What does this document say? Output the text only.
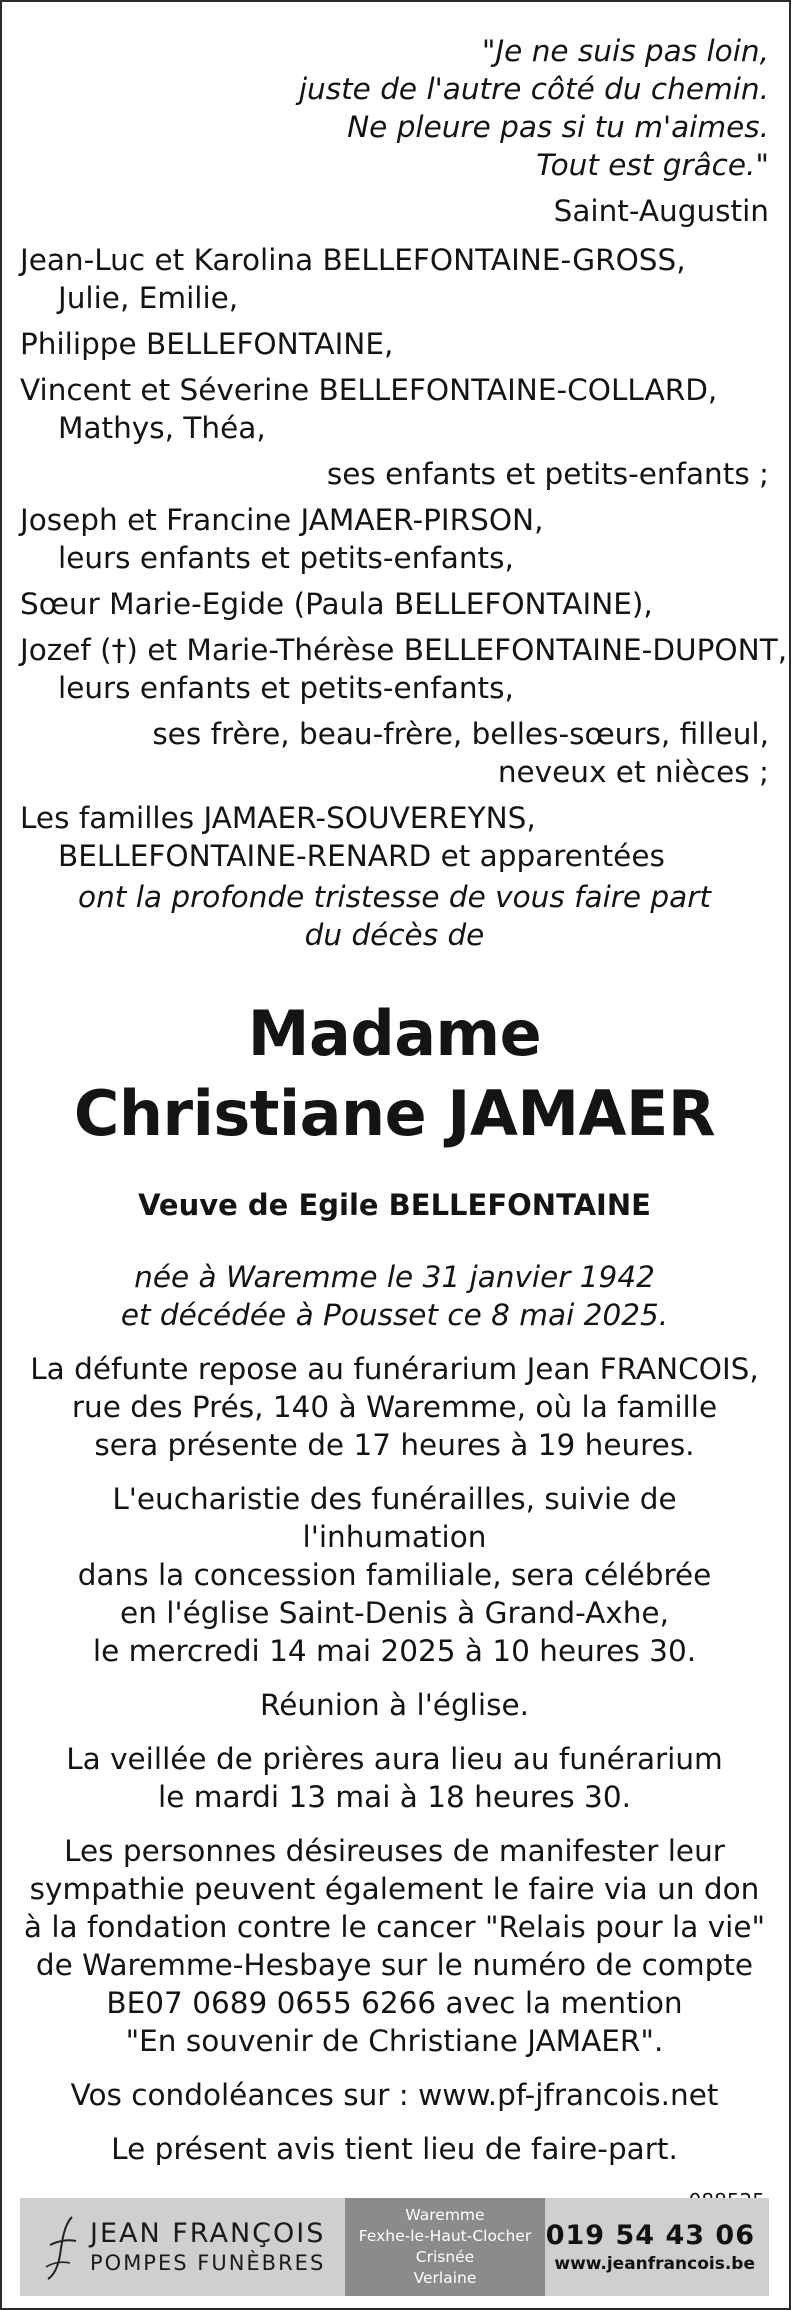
"Je ne suis pas loin,
juste de l'autre côté du chemin.
Ne pleure pas si tu m'aimes.
Tout est grâce."
Saint-Augustin
Jean-Luc et Karolina BELLEFONTAINE-GROSS,
Julie, Emilie,
Philippe BELLEFONTAINE,
Vincent et Séverine BELLEFONTAINE-COLLARD,
Mathys, Théa,
ses enfants et petits-enfants ;
Joseph et Francine JAMAER-PIRSON,
leurs enfants et petits-enfants,
Sœur Marie-Egide (Paula BELLEFONTAINE),
Jozef (†) et Marie-Thérèse BELLEFONTAINE-DUPONT,
leurs enfants et petits-enfants,
ses frère, beau-frère, belles-sœurs, filleul,
neveux et nièces ;
Les familles JAMAER-SOUVEREYNS,
BELLEFONTAINE-RENARD et apparentées
ont la profonde tristesse de vous faire part
du décès de
Madame
Christiane JAMAER
Veuve de Egile BELLEFONTAINE
née à Waremme le 31 janvier 1942
et décédée à Pousset ce 8 mai 2025.
La défunte repose au funérarium Jean FRANCOIS,
rue des Prés, 140 à Waremme, où la famille
sera présente de 17 heures à 19 heures.
L'eucharistie des funérailles, suivie de l'inhumation
dans la concession familiale, sera célébrée
en l'église Saint-Denis à Grand-Axhe,
le mercredi 14 mai 2025 à 10 heures 30.
Réunion à l'église.
La veillée de prières aura lieu au funérarium
le mardi 13 mai à 18 heures 30.
Les personnes désireuses de manifester leur
sympathie peuvent également le faire via un don
à la fondation contre le cancer "Relais pour la vie"
de Waremme-Hesbaye sur le numéro de compte
BE07 0689 0655 6266 avec la mention
"En souvenir de Christiane JAMAER".
Vos condoléances sur : www.pf-jfrancois.net
Le présent avis tient lieu de faire-part.
JEAN FRANÇOIS
POMPES FUNÈBRES
Waremme
Fexhe-le-Haut-Clocher
Crisnée
Verlaine
019 54 43 06
www.jeanfrancois.be
